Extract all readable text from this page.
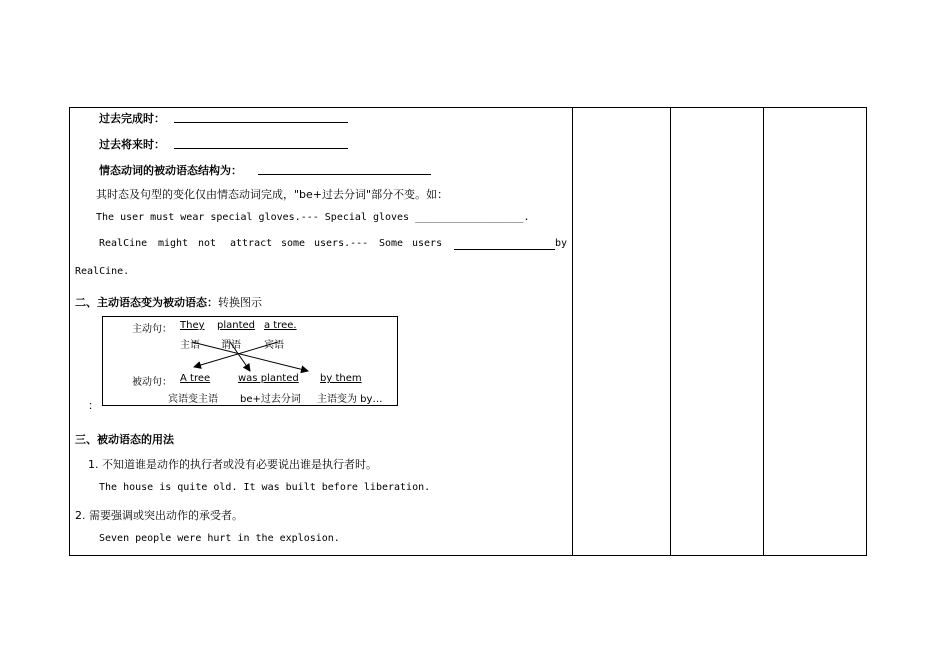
过去完成时：
过去将来时：
情态动词的被动语态结构为：
其时态及句型的变化仅由情态动词完成，"be+过去分词"部分不变。如：
The user must wear special gloves.--- Special gloves __________________.
RealCine might not attract some users.--- Some users	by
RealCine.
二、主动语态变为被动语态：转换图示
主动句： They planted a tree.
主语 谓语 宾语
被动句： A tree	was planted by them
宾语变主语 be+过去分词 主语变为 by…
：
三、被动语态的用法
1. 不知道谁是动作的执行者或没有必要说出谁是执行者时。
The house is quite old. It was built before liberation.
2. 需要强调或突出动作的承受者。
Seven people were hurt in the explosion.
